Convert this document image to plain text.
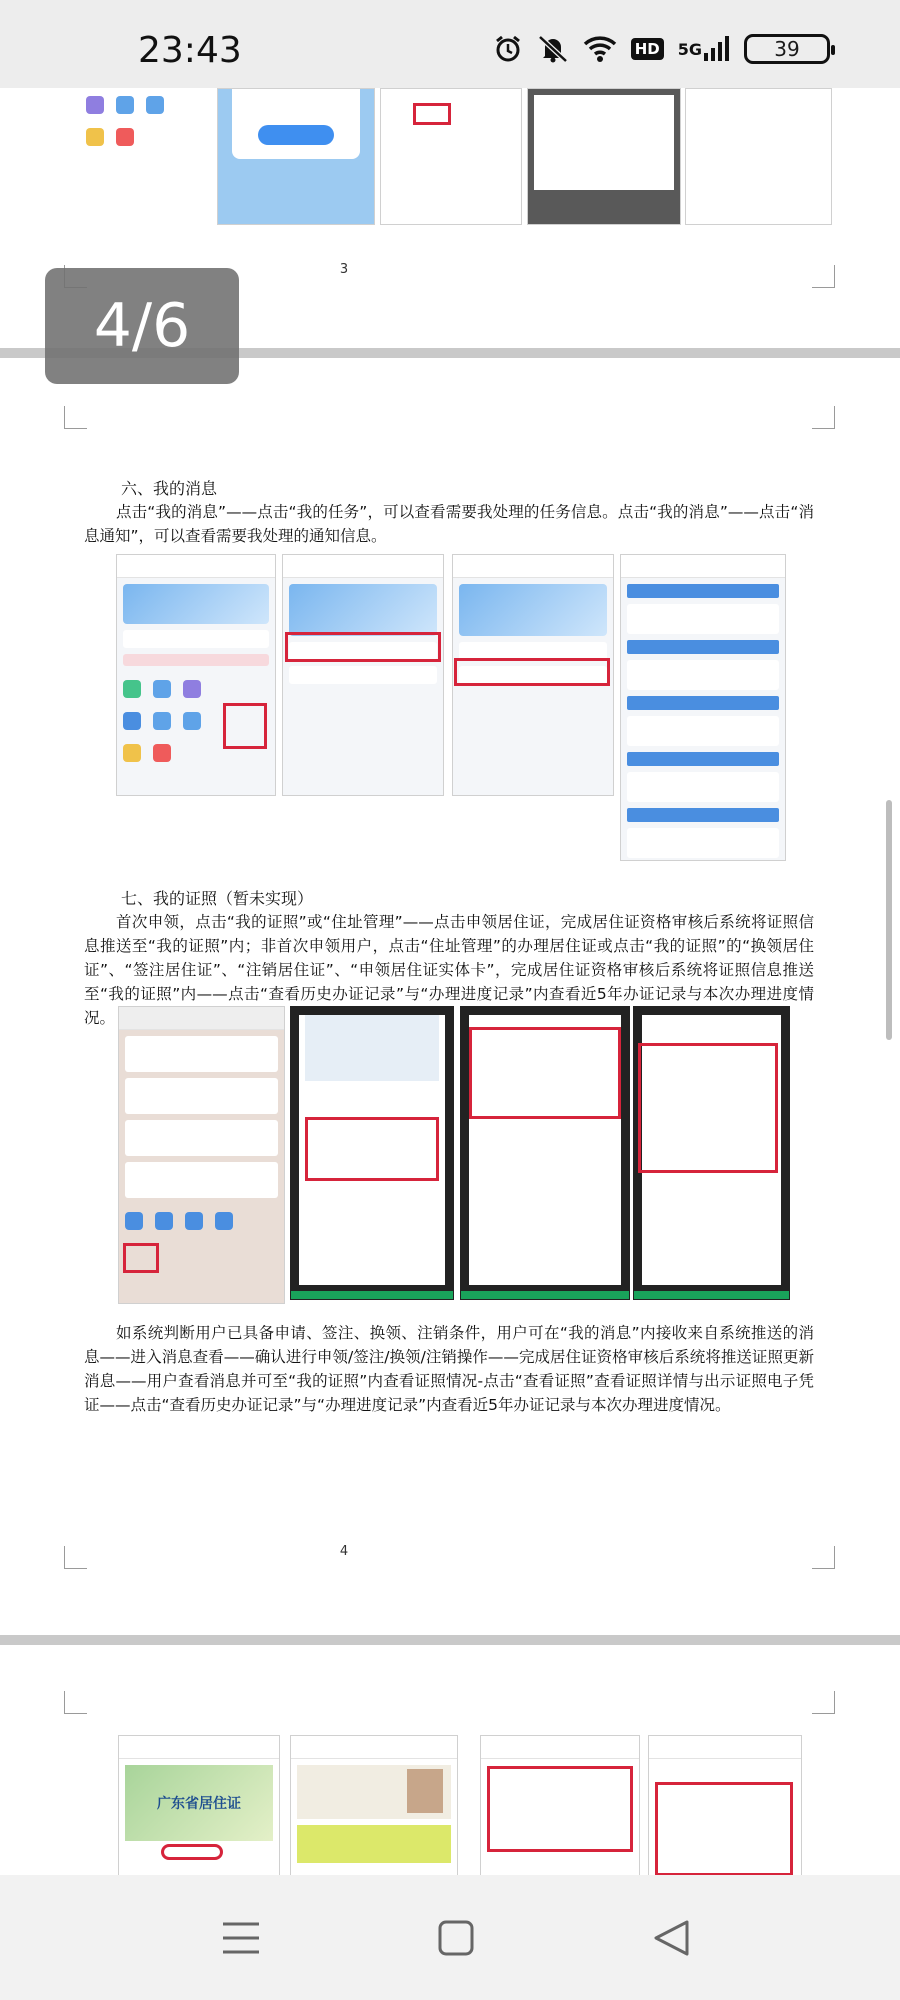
23:43	HD 5G	39

3
4/6
六、我的消息
点击“我的消息”——点击“我的任务”，可以查看需要我处理的任务信息。点击“我的消息”——点击“消息通知”，可以查看需要我处理的通知信息。

七、我的证照（暂未实现）
首次申领，点击“我的证照”或“住址管理”——点击申领居住证，完成居住证资格审核后系统将证照信息推送至“我的证照”内；非首次申领用户，点击“住址管理”的办理居住证或点击“我的证照”的“换领居住证”、“签注居住证”、“注销居住证”、“申领居住证实体卡”，完成居住证资格审核后系统将证照信息推送至“我的证照”内——点击“查看历史办证记录”与“办理进度记录”内查看近5年办证记录与本次办理进度情况。
如系统判断用户已具备申请、签注、换领、注销条件，用户可在“我的消息”内接收来自系统推送的消息——进入消息查看——确认进行申领/签注/换领/注销操作——完成居住证资格审核后系统将推送证照更新消息——用户查看消息并可至“我的证照”内查看证照情况-点击“查看证照”查看证照详情与出示证照电子凭证——点击“查看历史办证记录”与“办理进度记录”内查看近5年办证记录与本次办理进度情况。
4
广东省居住证
